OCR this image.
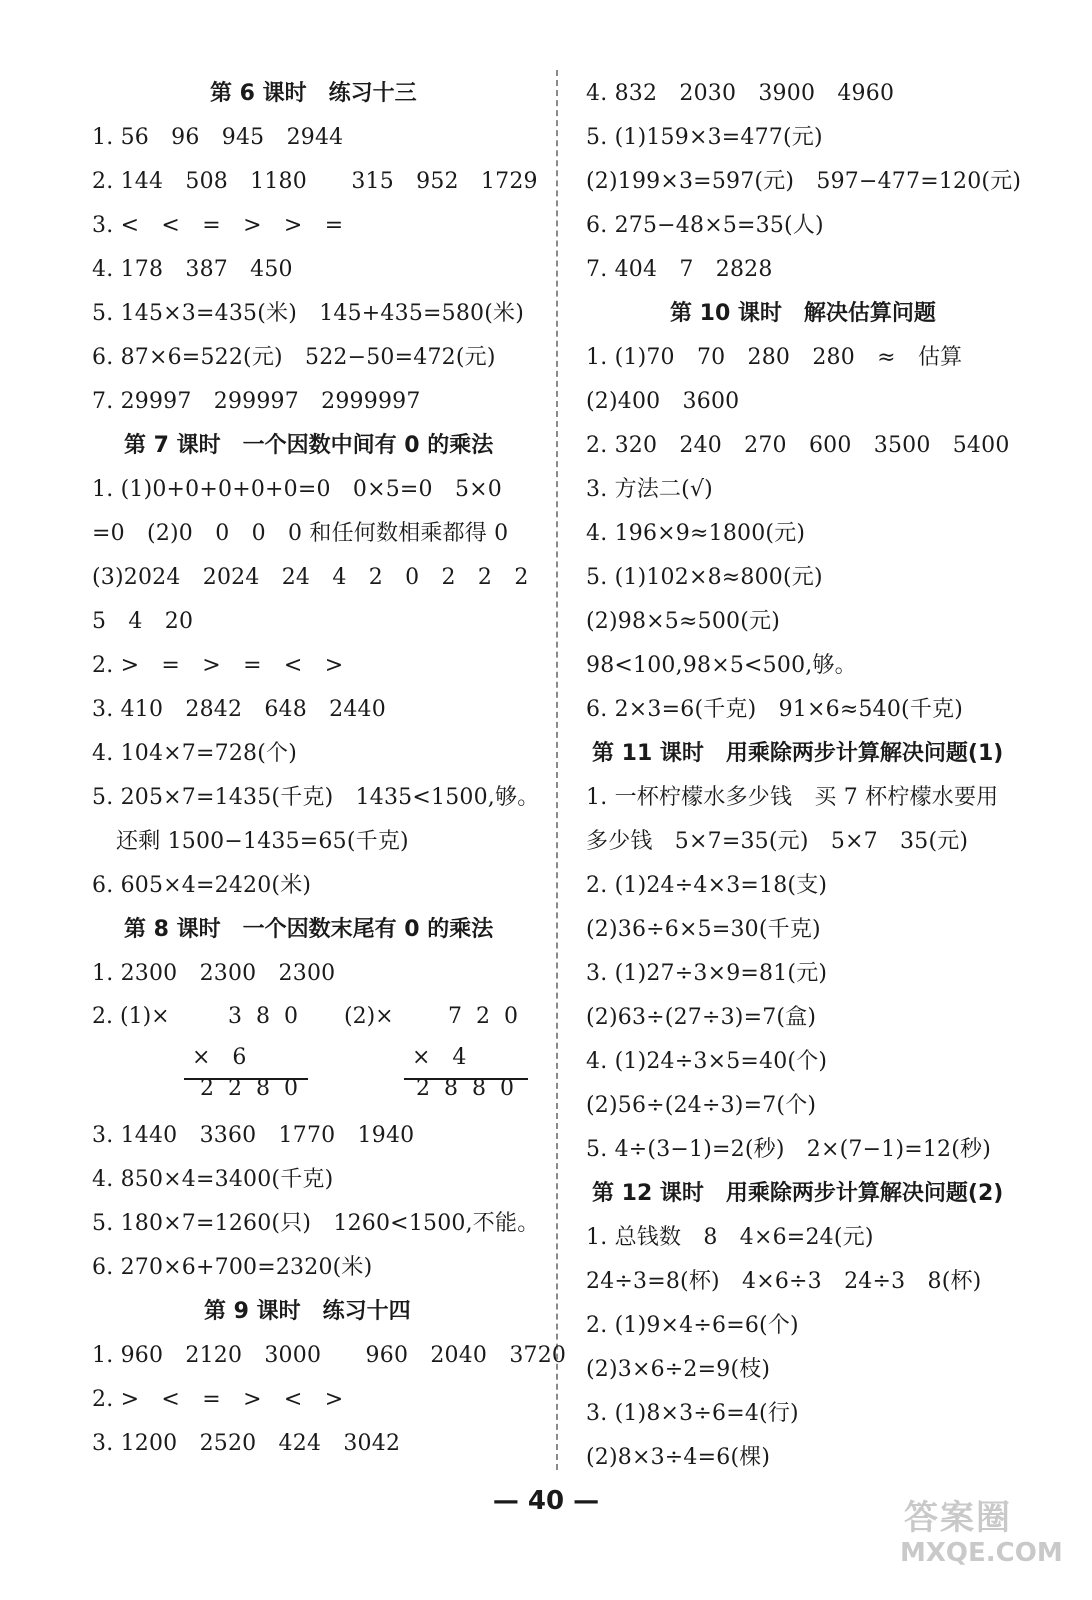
第 6 课时　练习十三
1. 56　96　945　2944
2. 144　508　1180　　315　952　1729
3. <　<　=　>　>　=
4. 178　387　450
5. 145×3=435(米)　145+435=580(米)
6. 87×6=522(元)　522−50=472(元)
7. 29997　299997　2999997
第 7 课时　一个因数中间有 0 的乘法
1. (1)0+0+0+0+0=0　0×5=0　5×0
=0　(2)0　0　0　0 和任何数相乘都得 0
(3)2024　2024　24　4　2　0　2　2　2
5　4　20
2. >　=　>　=　<　>
3. 410　2842　648　2440
4. 104×7=728(个)
5. 205×7=1435(千克)　1435<1500,够。
还剩 1500−1435=65(千克)
6. 605×4=2420(米)
第 8 课时　一个因数末尾有 0 的乘法
1. 2300　2300　2300
2. (1)×	380
×　6
2280
(2)× 720
×　4
2880
3. 1440　3360　1770　1940
4. 850×4=3400(千克)
5. 180×7=1260(只)　1260<1500,不能。
6. 270×6+700=2320(米)
第 9 课时　练习十四
1. 960　2120　3000　　960　2040　3720
2. >　<　=　>　<　>
3. 1200　2520　424　3042
4. 832　2030　3900　4960
5. (1)159×3=477(元)
(2)199×3=597(元)　597−477=120(元)
6. 275−48×5=35(人)
7. 404　7　2828
第 10 课时　解决估算问题
1. (1)70　70　280　280　≈　估算
(2)400　3600
2. 320　240　270　600　3500　5400
3. 方法二(√)
4. 196×9≈1800(元)
5. (1)102×8≈800(元)
(2)98×5≈500(元)
98<100,98×5<500,够。
6. 2×3=6(千克)　91×6≈540(千克)
第 11 课时　用乘除两步计算解决问题(1)
1. 一杯柠檬水多少钱　买 7 杯柠檬水要用
多少钱　5×7=35(元)　5×7　35(元)
2. (1)24÷4×3=18(支)
(2)36÷6×5=30(千克)
3. (1)27÷3×9=81(元)
(2)63÷(27÷3)=7(盒)
4. (1)24÷3×5=40(个)
(2)56÷(24÷3)=7(个)
5. 4÷(3−1)=2(秒)　2×(7−1)=12(秒)
第 12 课时　用乘除两步计算解决问题(2)
1. 总钱数　8　4×6=24(元)
24÷3=8(杯)　4×6÷3　24÷3　8(杯)
2. (1)9×4÷6=6(个)
(2)3×6÷2=9(枝)
3. (1)8×3÷6=4(行)
(2)8×3÷4=6(棵)
— 40 —	答案圈
MXQE.COM
